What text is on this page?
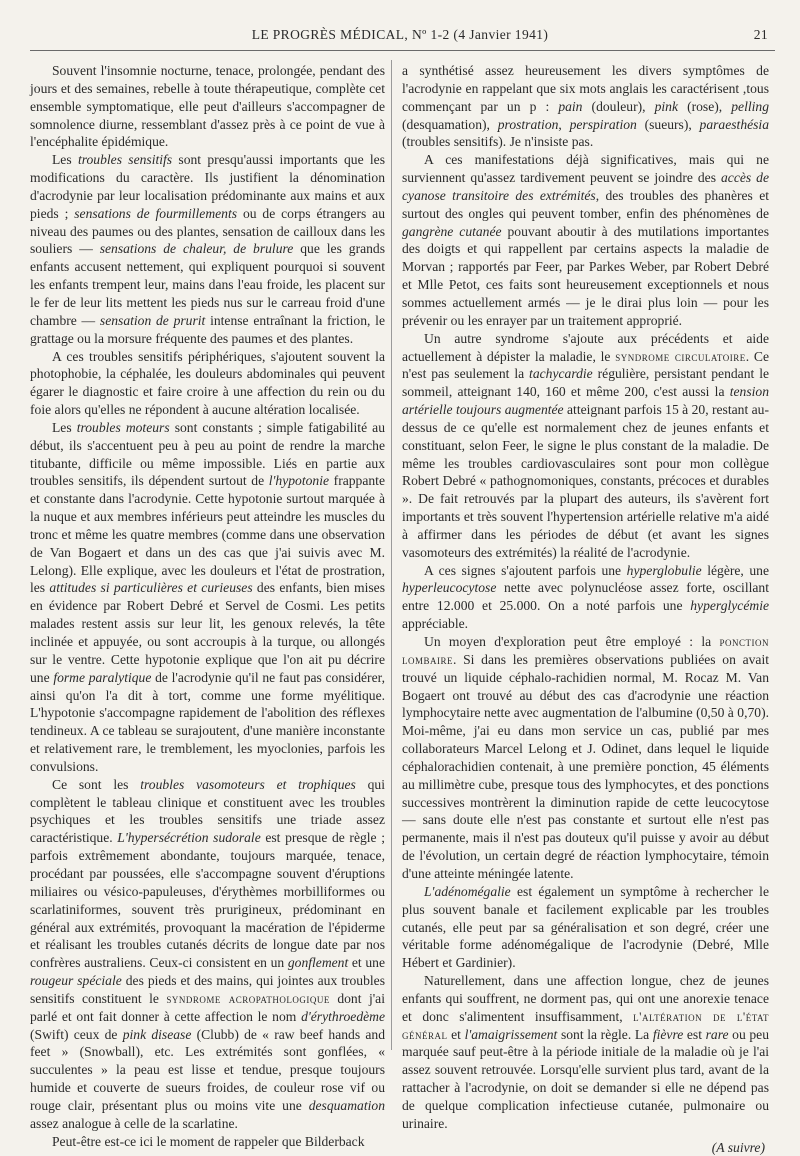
LE PROGRÈS MÉDICAL, Nº 1-2 (4 Janvier 1941)	21

Souvent l'insomnie nocturne, tenace, prolongée, pendant des jours et des semaines, rebelle à toute thérapeutique, complète cet ensemble symptomatique, elle peut d'ailleurs s'accompagner de somnolence diurne, ressemblant d'assez près à ce point de vue à l'encéphalite épidémique.

Les troubles sensitifs sont presqu'aussi importants que les modifications du caractère. Ils justifient la dénomination d'acrodynie par leur localisation prédominante aux mains et aux pieds ; sensations de fourmillements ou de corps étrangers au niveau des paumes ou des plantes, sensation de cailloux dans les souliers — sensations de chaleur, de brulure que les grands enfants accusent nettement, qui expliquent pourquoi si souvent les enfants trempent leur, mains dans l'eau froide, les placent sur le fer de leur lits mettent les pieds nus sur le carreau froid d'une chambre — sensation de prurit intense entraînant la friction, le grattage ou la morsure fréquente des paumes et des plantes.

A ces troubles sensitifs périphériques, s'ajoutent souvent la photophobie, la céphalée, les douleurs abdominales qui peuvent égarer le diagnostic et faire croire à une affection du rein ou du foie alors qu'elles ne répondent à aucune altération localisée.

Les troubles moteurs sont constants ; simple fatigabilité au début, ils s'accentuent peu à peu au point de rendre la marche titubante, difficile ou même impossible. Liés en partie aux troubles sensitifs, ils dépendent surtout de l'hypotonie frappante et constante dans l'acrodynie. Cette hypotonie surtout marquée à la nuque et aux membres inférieurs peut atteindre les muscles du tronc et même les quatre membres (comme dans une observation de Van Bogaert et dans un des cas que j'ai suivis avec M. Lelong). Elle explique, avec les douleurs et l'état de prostration, les attitudes si particulières et curieuses des enfants, bien mises en évidence par Robert Debré et Servel de Cosmi. Les petits malades restent assis sur leur lit, les genoux relevés, la tête inclinée et appuyée, ou sont accroupis à la turque, ou allongés sur le ventre. Cette hypotonie explique que l'on ait pu décrire une forme paralytique de l'acrodynie qu'il ne faut pas considérer, ainsi qu'on l'a dit à tort, comme une forme myélitique. L'hypotonie s'accompagne rapidement de l'abolition des réflexes tendineux. A ce tableau se surajoutent, d'une manière inconstante et relativement rare, le tremblement, les myoclonies, parfois les convulsions.

Ce sont les troubles vasomoteurs et trophiques qui complètent le tableau clinique et constituent avec les troubles psychiques et les troubles sensitifs une triade assez caractéristique. L'hypersécrétion sudorale est presque de règle ; parfois extrêmement abondante, toujours marquée, tenace, procédant par poussées, elle s'accompagne souvent d'éruptions miliaires ou vésico-papuleuses, d'érythèmes morbilliformes ou scarlatiniformes, souvent très prurigineux, prédominant en général aux extrémités, provoquant la macération de l'épiderme et réalisant les troubles cutanés décrits de longue date par nos confrères australiens. Ceux-ci consistent en un gonflement et une rougeur spéciale des pieds et des mains, qui jointes aux troubles sensitifs constituent le syndrome acropathologique dont j'ai parlé et ont fait donner à cette affection le nom d'érythroedème (Swift) ceux de pink disease (Clubb) de « raw beef hands and feet » (Snowball), etc. Les extrémités sont gonflées, « succulentes » la peau est lisse et tendue, presque toujours humide et couverte de sueurs froides, de couleur rose vif ou rouge clair, présentant plus ou moins vite une desquamation assez analogue à celle de la scarlatine.

Peut-être est-ce ici le moment de rappeler que Bilderback

a synthétisé assez heureusement les divers symptômes de l'acrodynie en rappelant que six mots anglais les caractérisent ,tous commençant par un p : pain (douleur), pink (rose), pelling (desquamation), prostration, perspiration (sueurs), paraesthésia (troubles sensitifs). Je n'insiste pas.

A ces manifestations déjà significatives, mais qui ne surviennent qu'assez tardivement peuvent se joindre des accès de cyanose transitoire des extrémités, des troubles des phanères et surtout des ongles qui peuvent tomber, enfin des phénomènes de gangrène cutanée pouvant aboutir à des mutilations importantes des doigts et qui rappellent par certains aspects la maladie de Morvan ; rapportés par Feer, par Parkes Weber, par Robert Debré et Mlle Petot, ces faits sont heureusement exceptionnels et nous sommes actuellement armés — je le dirai plus loin — pour les prévenir ou les enrayer par un traitement approprié.

Un autre syndrome s'ajoute aux précédents et aide actuellement à dépister la maladie, le syndrome circulatoire. Ce n'est pas seulement la tachycardie régulière, persistant pendant le sommeil, atteignant 140, 160 et même 200, c'est aussi la tension artérielle toujours augmentée atteignant parfois 15 à 20, restant au-dessus de ce qu'elle est normalement chez de jeunes enfants et constituant, selon Feer, le signe le plus constant de la maladie. De même les troubles cardiovasculaires sont pour mon collègue Robert Debré « pathognomoniques, constants, précoces et durables ». De fait retrouvés par la plupart des auteurs, ils s'avèrent fort importants et très souvent l'hypertension artérielle relative m'a aidé à affirmer dans les périodes de début (et avant les signes vasomoteurs des extrémités) la réalité de l'acrodynie.

A ces signes s'ajoutent parfois une hyperglobulie légère, une hyperleucocytose nette avec polynucléose assez forte, oscillant entre 12.000 et 25.000. On a noté parfois une hyperglycémie appréciable.

Un moyen d'exploration peut être employé : la ponction lombaire. Si dans les premières observations publiées on avait trouvé un liquide céphalo-rachidien normal, M. Rocaz M. Van Bogaert ont trouvé au début des cas d'acrodynie une réaction lymphocytaire nette avec augmentation de l'albumine (0,50 à 0,70). Moi-même, j'ai eu dans mon service un cas, publié par mes collaborateurs Marcel Lelong et J. Odinet, dans lequel le liquide céphalorachidien contenait, à une première ponction, 45 éléments au millimètre cube, presque tous des lymphocytes, et des ponctions successives montrèrent la diminution rapide de cette leucocytose — sans doute elle n'est pas constante et surtout elle n'est pas permanente, mais il n'est pas douteux qu'il puisse y avoir au début de l'évolution, un certain degré de réaction lymphocytaire, témoin d'une atteinte méningée latente.

L'adénomégalie est également un symptôme à rechercher le plus souvent banale et facilement explicable par les troubles cutanés, elle peut par sa généralisation et son degré, créer une véritable forme adénomégalique de l'acrodynie (Debré, Mlle Hébert et Gardinier).

Naturellement, dans une affection longue, chez de jeunes enfants qui souffrent, ne dorment pas, qui ont une anorexie tenace et donc s'alimentent insuffisamment, l'altération de l'état général et l'amaigrissement sont la règle. La fièvre est rare ou peu marquée sauf peut-être à la période initiale de la maladie où je l'ai assez souvent retrouvée. Lorsqu'elle survient plus tard, avant de la rattacher à l'acrodynie, on doit se demander si elle ne dépend pas de quelque complication infectieuse cutanée, pulmonaire ou urinaire.

(A suivre)
